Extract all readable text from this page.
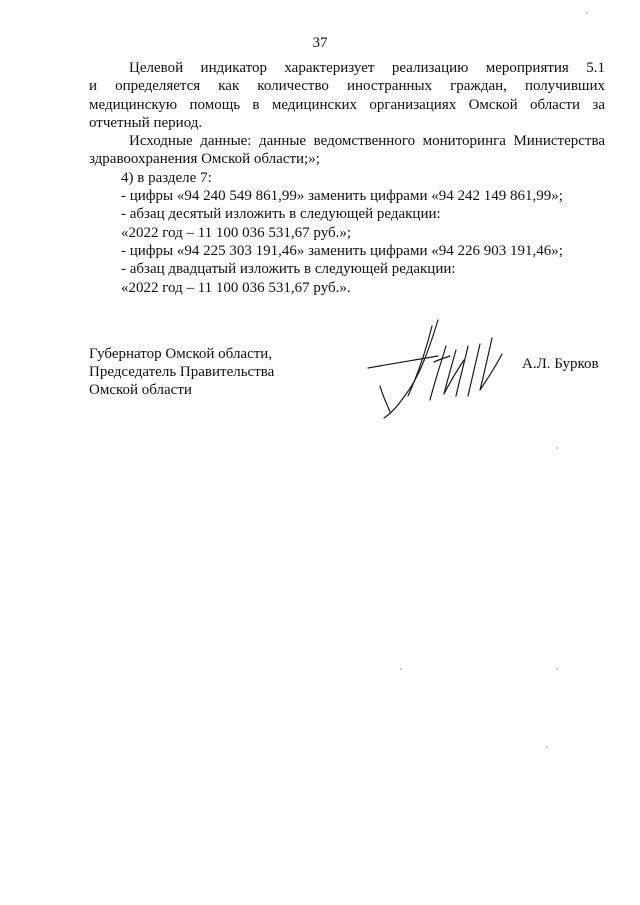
37

Целевой индикатор характеризует реализацию мероприятия 5.1

и определяется как количество иностранных граждан, получивших медицинскую помощь в медицинских организациях Омской области за отчетный период.

Исходные данные: данные ведомственного мониторинга Министерства здравоохранения Омской области;»;

4) в разделе 7:

- цифры «94 240 549 861,99» заменить цифрами «94 242 149 861,99»;

- абзац десятый изложить в следующей редакции:

«2022 год – 11 100 036 531,67 руб.»;

- цифры «94 225 303 191,46» заменить цифрами «94 226 903 191,46»;

- абзац двадцатый изложить в следующей редакции:

«2022 год – 11 100 036 531,67 руб.».

Губернатор Омской области,
Председатель Правительства
Омской области
А.Л. Бурков
